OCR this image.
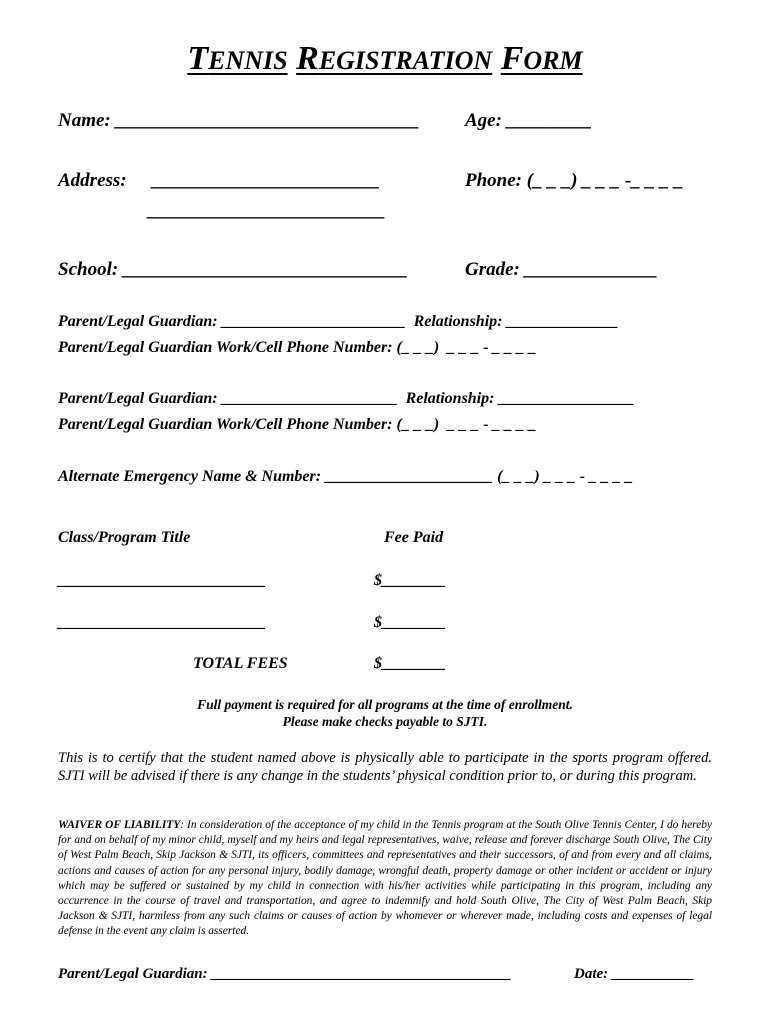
TENNIS REGISTRATION FORM
Name: ________________________________ Age: _________
Address: ________________________	Phone: (_ _ _) _ _ _ -_ _ _ _
_________________________
School: ______________________________	Grade: ______________
Parent/Legal Guardian: _______________________  Relationship: ______________
Parent/Legal Guardian Work/Cell Phone Number: (_ _ _)  _ _ _ - _ _ _ _
Parent/Legal Guardian: ______________________  Relationship: _________________
Parent/Legal Guardian Work/Cell Phone Number: (_ _ _)  _ _ _ - _ _ _ _
Alternate Emergency Name & Number: _____________________ (_ _ _) _ _ _ - _ _ _ _
Class/Program Title	Fee Paid
__________________________	$________
__________________________	$________
TOTAL FEES	$________
Full payment is required for all programs at the time of enrollment.
Please make checks payable to SJTI.
This is to certify that the student named above is physically able to participate in the sports program offered. SJTI will be advised if there is any change in the students’ physical condition prior to, or during this program.
WAIVER OF LIABILITY: In consideration of the acceptance of my child in the Tennis program at the South Olive Tennis Center, I do hereby for and on behalf of my minor child, myself and my heirs and legal representatives, waive, release and forever discharge South Olive, The City of West Palm Beach, Skip Jackson & SJTI, its officers, committees and representatives and their successors, of and from every and all claims, actions and causes of action for any personal injury, bodily damage, wrongful death, property damage or other incident or accident or injury which may be suffered or sustained by my child in connection with his/her activities while participating in this program, including any occurrence in the course of travel and transportation, and agree to indemnify and hold South Olive, The City of West Palm Beach, Skip Jackson & SJTI, harmless from any such claims or causes of action by whomever or wherever made, including costs and expenses of legal defense in the event any claim is asserted.
Parent/Legal Guardian: ________________________________________	Date: ___________
